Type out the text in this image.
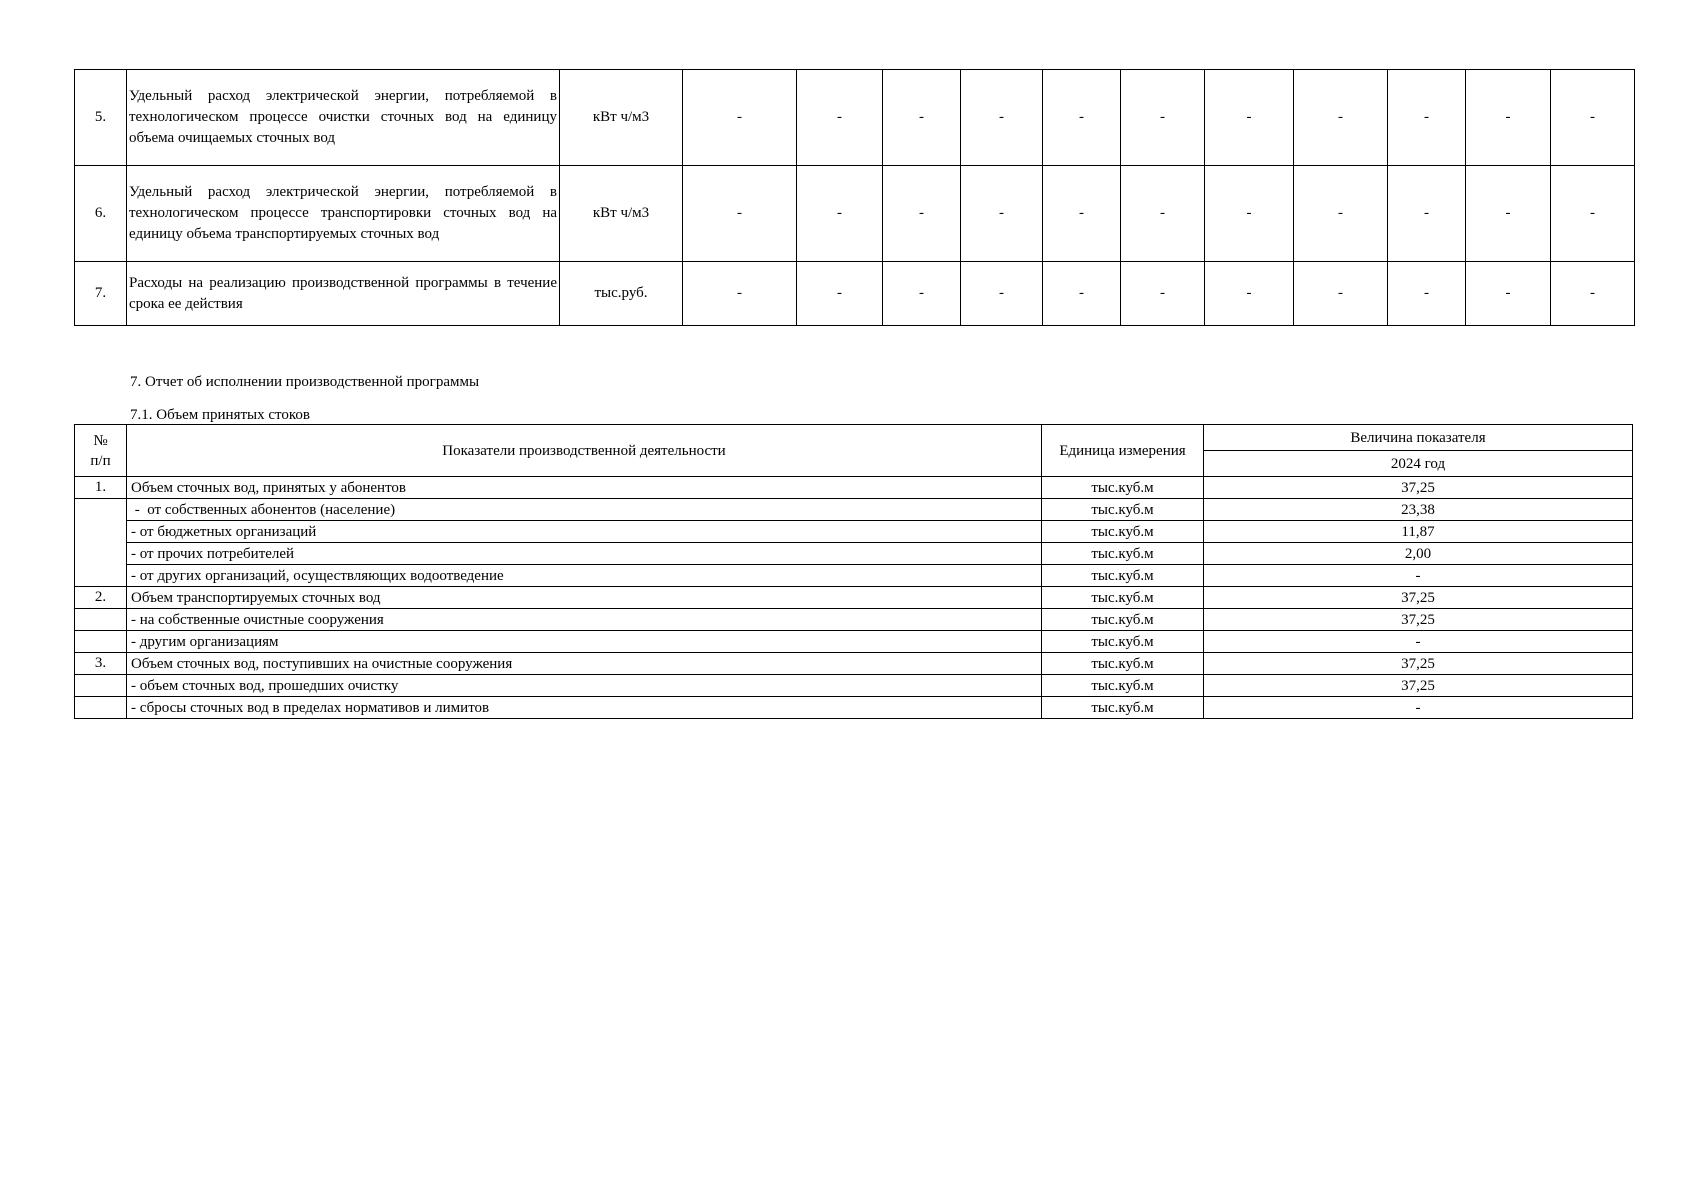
5.	Удельный расход электрической энергии, потребляемой в технологическом процессе очистки сточных вод на единицу объема очищаемых сточных вод	кВт ч/м3	-	-	-	-	-	-	-	-	-	-	-
6.	Удельный расход электрической энергии, потребляемой в технологическом процессе транспортировки сточных вод на единицу объема транспортируемых сточных вод	кВт ч/м3	-	-	-	-	-	-	-	-	-	-	-
7.	Расходы на реализацию производственной программы в течение срока ее действия	тыс.руб.	-	-	-	-	-	-	-	-	-	-	-
7. Отчет об исполнении производственной программы
7.1. Объем принятых стоков
№
п/п	Показатели производственной деятельности	Единица измерения	Величина показателя
			2024 год
1.	Объем сточных вод, принятых у абонентов	тыс.куб.м	37,25
	-  от собственных абонентов (население)	тыс.куб.м	23,38
	- от бюджетных организаций	тыс.куб.м	11,87
	- от прочих потребителей	тыс.куб.м	2,00
	- от других организаций, осуществляющих водоотведение	тыс.куб.м	-
2.	Объем транспортируемых сточных вод	тыс.куб.м	37,25
	- на собственные очистные сооружения	тыс.куб.м	37,25
	- другим организациям	тыс.куб.м	-
3.	Объем сточных вод, поступивших на очистные сооружения	тыс.куб.м	37,25
	- объем сточных вод, прошедших очистку	тыс.куб.м	37,25
	- сбросы сточных вод в пределах нормативов и лимитов	тыс.куб.м	-
